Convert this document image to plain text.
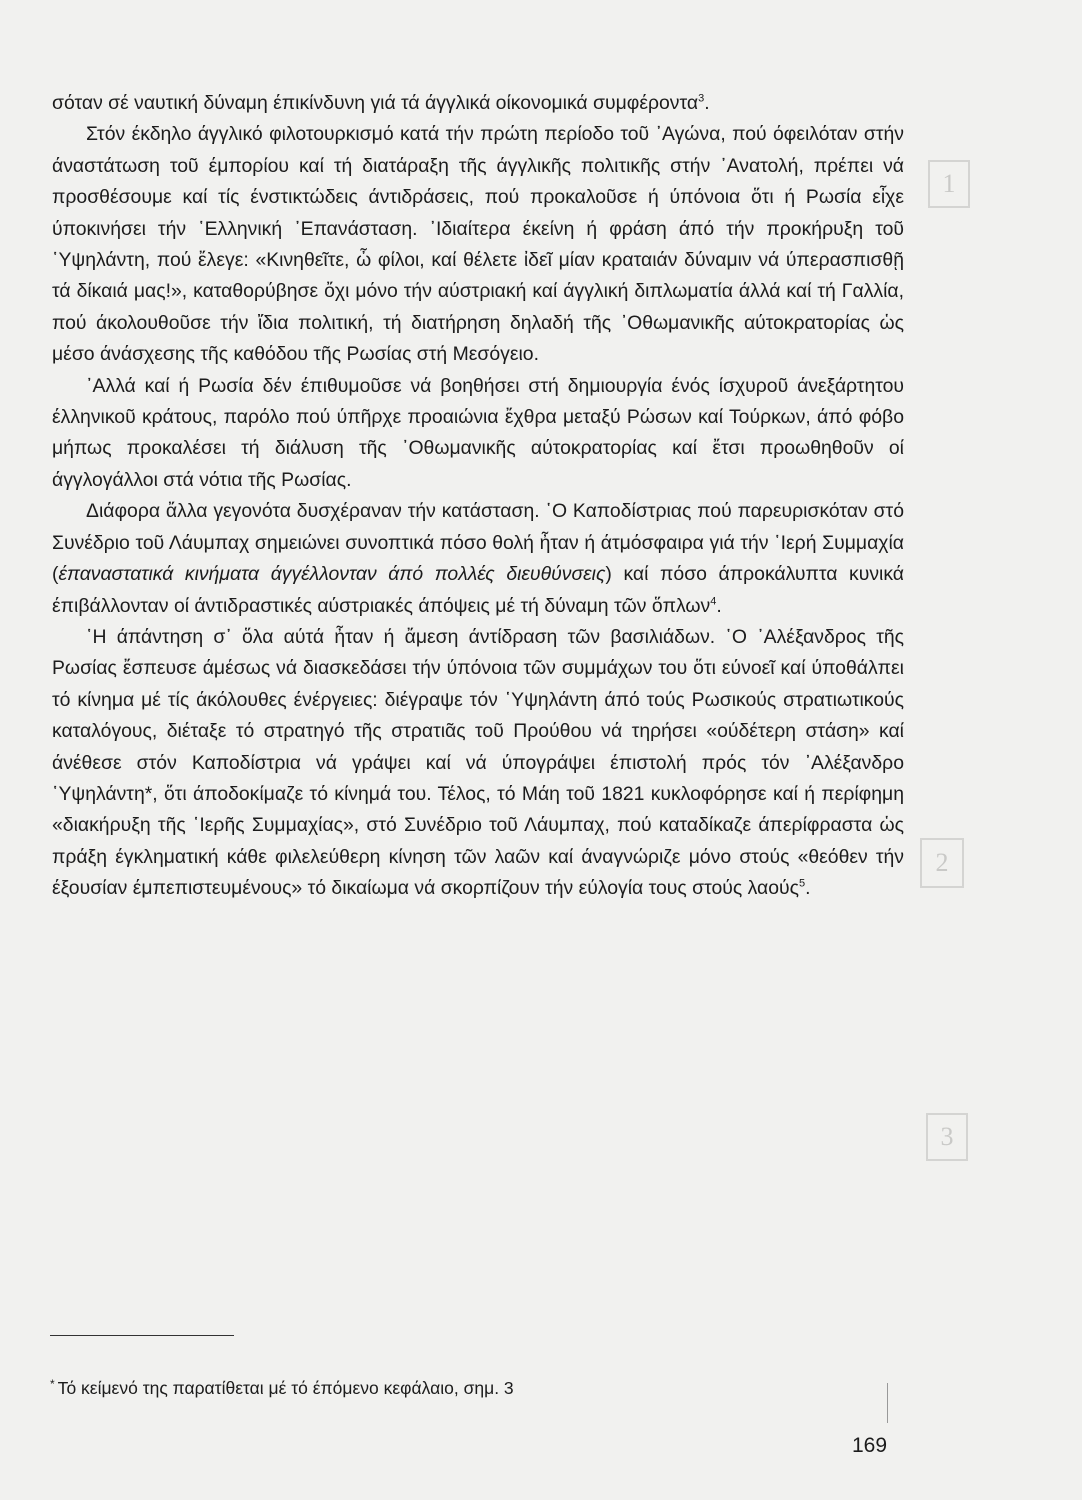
1
2
3

σόταν σέ ναυτική δύναμη έπικίνδυνη γιά τά άγγλικά οίκονομικά συμφέροντα$^3$.

Στόν έκδηλο άγγλικό φιλοτουρκισμό κατά τήν πρώτη περίοδο τοῦ ᾿Αγώνα, πού όφειλόταν στήν άναστάτωση τοῦ έμπορίου καί τή διατάραξη τῆς άγγλικῆς πολιτικῆς στήν ᾿Ανατολή, πρέπει νά προσθέσουμε καί τίς ένστικτώδεις άντιδράσεις, πού προκαλοῦσε ή ύπόνοια ὅτι ή Ρωσία εἶχε ύποκινήσει τήν ῾Ελληνική ᾿Επανάσταση. ᾿Ιδιαίτερα έκείνη ή φράση άπό τήν προκήρυξη τοῦ ῾Υψηλάντη, πού ἔλεγε: «Κινηθεῖτε, ὦ φίλοι, καί θέλετε ἰδεῖ μίαν κραταιάν δύναμιν νά ύπερασπισθῇ τά δίκαιά μας!», καταθορύβησε ὄχι μόνο τήν αύστριακή καί άγγλική διπλωματία άλλά καί τή Γαλλία, πού άκολουθοῦσε τήν ἴδια πολιτική, τή διατήρηση δηλαδή τῆς ᾿Οθωμανικῆς αύτοκρατορίας ὡς μέσο άνάσχεσης τῆς καθόδου τῆς Ρωσίας στή Μεσόγειο.

᾿Αλλά καί ή Ρωσία δέν έπιθυμοῦσε νά βοηθήσει στή δημιουργία ένός ίσχυροῦ άνεξάρτητου έλληνικοῦ κράτους, παρόλο πού ύπῆρχε προαιώνια ἔχθρα μεταξύ Ρώσων καί Τούρκων, άπό φόβο μήπως προκαλέσει τή διάλυση τῆς ᾿Οθωμανικῆς αύτοκρατορίας καί ἔτσι προωθηθοῦν οί άγγλογάλλοι στά νότια τῆς Ρωσίας.

Διάφορα ἄλλα γεγονότα δυσχέραναν τήν κατάσταση. ῾Ο Καποδίστριας πού παρευρισκόταν στό Συνέδριο τοῦ Λάυμπαχ σημειώνει συνοπτικά πόσο θολή ἦταν ή άτμόσφαιρα γιά τήν ῾Ιερή Συμμαχία (έπαναστατικά κινήματα άγγέλλονταν άπό πολλές διευθύνσεις) καί πόσο άπροκάλυπτα κυνικά έπιβάλλονταν οί άντιδραστικές αύστριακές άπόψεις μέ τή δύναμη τῶν ὅπλων$^4$.

῾Η άπάντηση σ᾿ ὅλα αύτά ἦταν ή ἄμεση άντίδραση τῶν βασιλιάδων. ῾Ο ᾿Αλέξανδρος τῆς Ρωσίας ἔσπευσε άμέσως νά διασκεδάσει τήν ύπόνοια τῶν συμμάχων του ὅτι εύνοεῖ καί ύποθάλπει τό κίνημα μέ τίς άκόλουθες ένέργειες: διέγραψε τόν ῾Υψηλάντη άπό τούς Ρωσικούς στρατιωτικούς καταλόγους, διέταξε τό στρατηγό τῆς στρατιᾶς τοῦ Προύθου νά τηρήσει «ούδέτερη στάση» καί άνέθεσε στόν Καποδίστρια νά γράψει καί νά ύπογράψει έπιστολή πρός τόν ᾿Αλέξανδρο ῾Υψηλάντη*, ὅτι άποδοκίμαζε τό κίνημά του. Τέλος, τό Μάη τοῦ 1821 κυκλοφόρησε καί ή περίφημη «διακήρυξη τῆς ῾Ιερῆς Συμμαχίας», στό Συνέδριο τοῦ Λάυμπαχ, πού καταδίκαζε άπερίφραστα ὡς πράξη έγκληματική κάθε φιλελεύθερη κίνηση τῶν λαῶν καί άναγνώριζε μόνο στούς «θεόθεν τήν έξουσίαν έμπεπιστευμένους» τό δικαίωμα νά σκορπίζουν τήν εύλογία τους στούς λαούς$^5$.

* Τό κείμενό της παρατίθεται μέ τό έπόμενο κεφάλαιο, σημ. 3
169
